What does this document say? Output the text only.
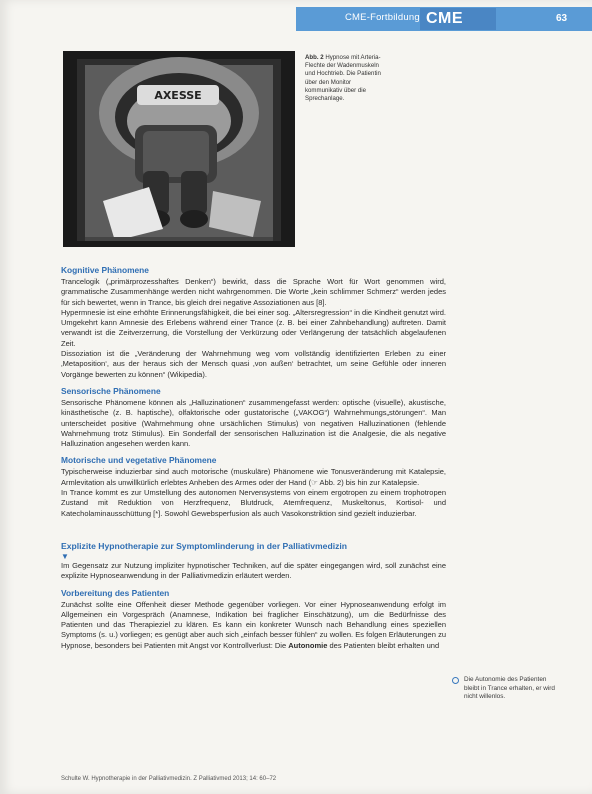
CME-Fortbildung CME	63
AXESSE
Abb. 2 Hypnose mit Arteria-Flechte der Wadenmuskeln und Hochtrieb. Die Patientin über den Monitor kommunikativ über die Sprechanlage.

Kognitive Phänomene

Trancelogik („primärprozesshaftes Denken“) bewirkt, dass die Sprache Wort für Wort genommen wird, grammatische Zusammenhänge werden nicht wahrgenommen. Die Worte „kein schlimmer Schmerz“ werden jedes für sich bewertet, wenn in Trance, bis gleich drei negative Assoziationen aus [8].

Hypermnesie ist eine erhöhte Erinnerungsfähigkeit, die bei einer sog. „Altersregression“ in die Kindheit genutzt wird. Umgekehrt kann Amnesie des Erlebens während einer Trance (z. B. bei einer Zahnbehandlung) auftreten. Damit verwandt ist die Zeitverzerrung, die Vorstellung der Verkürzung oder Verlängerung der tatsächlich abgelaufenen Zeit.

Dissoziation ist die „Veränderung der Wahrnehmung weg vom vollständig identifizierten Erleben zu einer ‚Metaposition‘, aus der heraus sich der Mensch quasi ‚von außen‘ betrachtet, um seine Gefühle oder inneren Vorgänge bewerten zu können“ (Wikipedia).

Sensorische Phänomene

Sensorische Phänomene können als „Halluzinationen“ zusammengefasst werden: optische (visuelle), akustische, kinästhetische (z. B. haptische), olfaktorische oder gustatorische („VAKOG“) Wahrnehmungs„störungen“. Man unterscheidet positive (Wahrnehmung ohne ursächlichen Stimulus) von negativen Halluzinationen (fehlende Wahrnehmung trotz Stimulus). Ein Sonderfall der sensorischen Halluzination ist die Analgesie, die als negative Halluzination angesehen werden kann.

Motorische und vegetative Phänomene

Typischerweise induzierbar sind auch motorische (muskuläre) Phänomene wie Tonusveränderung mit Katalepsie, Armlevitation als unwillkürlich erlebtes Anheben des Armes oder der Hand (☞ Abb. 2) bis hin zur Katalepsie.

In Trance kommt es zur Umstellung des autonomen Nervensystems von einem ergotropen zu einem trophotropen Zustand mit Reduktion von Herzfrequenz, Blutdruck, Atemfrequenz, Muskeltonus, Kortisol- und Katecholaminausschüttung [*]. Sowohl Gewebsperfusion als auch Vasokonstriktion sind gezielt induzierbar.

Explizite Hypnotherapie zur Symptomlinderung in der Palliativmedizin

▼

Im Gegensatz zur Nutzung impliziter hypnotischer Techniken, auf die später eingegangen wird, soll zunächst eine explizite Hypnoseanwendung in der Palliativmedizin erläutert werden.

Vorbereitung des Patienten

Zunächst sollte eine Offenheit dieser Methode gegenüber vorliegen. Vor einer Hypnoseanwendung erfolgt im Allgemeinen ein Vorgespräch (Anamnese, Indikation bei fraglicher Einschätzung), um die Bedürfnisse des Patienten und das Therapieziel zu klären. Es kann ein konkreter Wunsch nach Behandlung eines speziellen Symptoms (s. u.) vorliegen; es genügt aber auch sich „einfach besser fühlen“ zu wollen. Es folgen Erläuterungen zu Hypnose, besonders bei Patienten mit Angst vor Kontrollverlust: Die Autonomie des Patienten bleibt erhalten und

Die Autonomie des Patienten bleibt in Trance erhalten, er wird nicht willenlos.
Schulte W. Hypnotherapie in der Palliativmedizin. Z Palliativmed 2013; 14: 60–72
